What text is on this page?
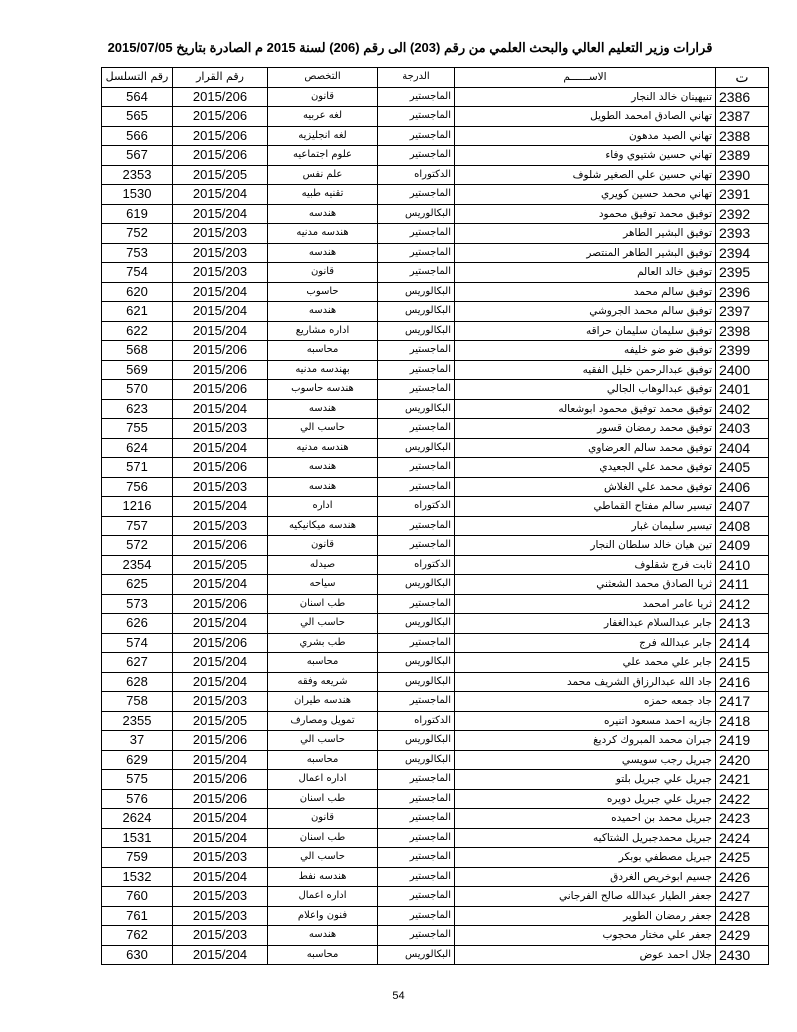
قرارات وزير التعليم العالي والبحث العلمي من رقم (203) الى رقم (206) لسنة 2015 م الصادرة بتاريخ 2015/07/05
ت	الاســــــم	الدرجة	التخصص	رقم القرار	رقم التسلسل
2386	تنيهينان خالد النجار	الماجستير	قانون	2015/206	564
2387	تهاني الصادق امحمد الطويل	الماجستير	لغه عربيه	2015/206	565
2388	تهاني الصيد مدهون	الماجستير	لغه انجليزيه	2015/206	566
2389	تهاني حسين شتيوي وفاء	الماجستير	علوم اجتماعيه	2015/206	567
2390	تهاني حسين علي الصغير شلوف	الدكتوراه	علم نفس	2015/205	2353
2391	تهاني محمد حسين كويري	الماجستير	تقنيه طبيه	2015/204	1530
2392	توفيق محمد توفيق محمود	البكالوريس	هندسه	2015/204	619
2393	توفيق البشير الطاهر	الماجستير	هندسه مدنيه	2015/203	752
2394	توفيق البشير الطاهر المنتصر	الماجستير	هندسه	2015/203	753
2395	توفيق خالد العالم	الماجستير	قانون	2015/203	754
2396	توفيق سالم محمد	البكالوريس	حاسوب	2015/204	620
2397	توفيق سالم محمد الجروشي	البكالوريس	هندسه	2015/204	621
2398	توفيق سليمان سليمان حراقه	البكالوريس	اداره مشاريع	2015/204	622
2399	توفيق ضو ضو خليفه	الماجستير	محاسبه	2015/206	568
2400	توفيق عبدالرحمن خليل الفقيه	الماجستير	بهندسه مدنيه	2015/206	569
2401	توفيق عبدالوهاب الجالي	الماجستير	هندسه حاسوب	2015/206	570
2402	توفيق محمد توفيق محمود ابوشعاله	البكالوريس	هندسه	2015/204	623
2403	توفيق محمد رمضان قسور	الماجستير	حاسب الي	2015/203	755
2404	توفيق محمد سالم العرضاوي	البكالوريس	هندسه مدنيه	2015/204	624
2405	توفيق محمد علي الجعيدي	الماجستير	هندسه	2015/206	571
2406	توفيق محمد علي الغلاش	الماجستير	هندسه	2015/203	756
2407	تيسير سالم مفتاح القماطي	الدكتوراه	اداره	2015/204	1216
2408	تيسير سليمان غبار	الماجستير	هندسه ميكانيكيه	2015/203	757
2409	تين هيان خالد سلطان النجار	الماجستير	قانون	2015/206	572
2410	ثابت فرج شقلوف	الدكتوراه	صيدله	2015/205	2354
2411	ثريا الصادق محمد الشعثني	البكالوريس	سياحه	2015/204	625
2412	ثريا عامر امحمد	الماجستير	طب اسنان	2015/206	573
2413	جابر عبدالسلام عبدالغفار	البكالوريس	حاسب الي	2015/204	626
2414	جابر عبدالله فرج	الماجستير	طب بشري	2015/206	574
2415	جابر علي محمد علي	البكالوريس	محاسبه	2015/204	627
2416	جاد الله عبدالرزاق الشريف محمد	البكالوريس	شريعه وفقه	2015/204	628
2417	جاد جمعه حمزه	الماجستير	هندسه طيران	2015/203	758
2418	جازيه احمد مسعود اتنيره	الدكتوراه	تمويل ومصارف	2015/205	2355
2419	جبران محمد المبروك كرديغ	البكالوريس	حاسب الي	2015/206	37
2420	جبريل رجب سويسي	البكالوريس	محاسبه	2015/204	629
2421	جبريل علي جبريل بلتو	الماجستير	اداره اعمال	2015/206	575
2422	جبريل علي جبريل دويره	الماجستير	طب اسنان	2015/206	576
2423	جبريل محمد بن احميده	الماجستير	قانون	2015/204	2624
2424	جبريل محمدجبريل الشتاكيه	الماجستير	طب اسنان	2015/204	1531
2425	جبريل مصطفي بوبكر	الماجستير	حاسب الي	2015/203	759
2426	جسيم ابوخريص الغردق	الماجستير	هندسه نفط	2015/204	1532
2427	جعفر الطيار عبدالله صالح الفرجاني	الماجستير	اداره اعمال	2015/203	760
2428	جعفر رمضان الطوير	الماجستير	فنون واعلام	2015/203	761
2429	جعفر علي مختار محجوب	الماجستير	هندسه	2015/203	762
2430	جلال احمد عوض	البكالوريس	محاسبه	2015/204	630
54
